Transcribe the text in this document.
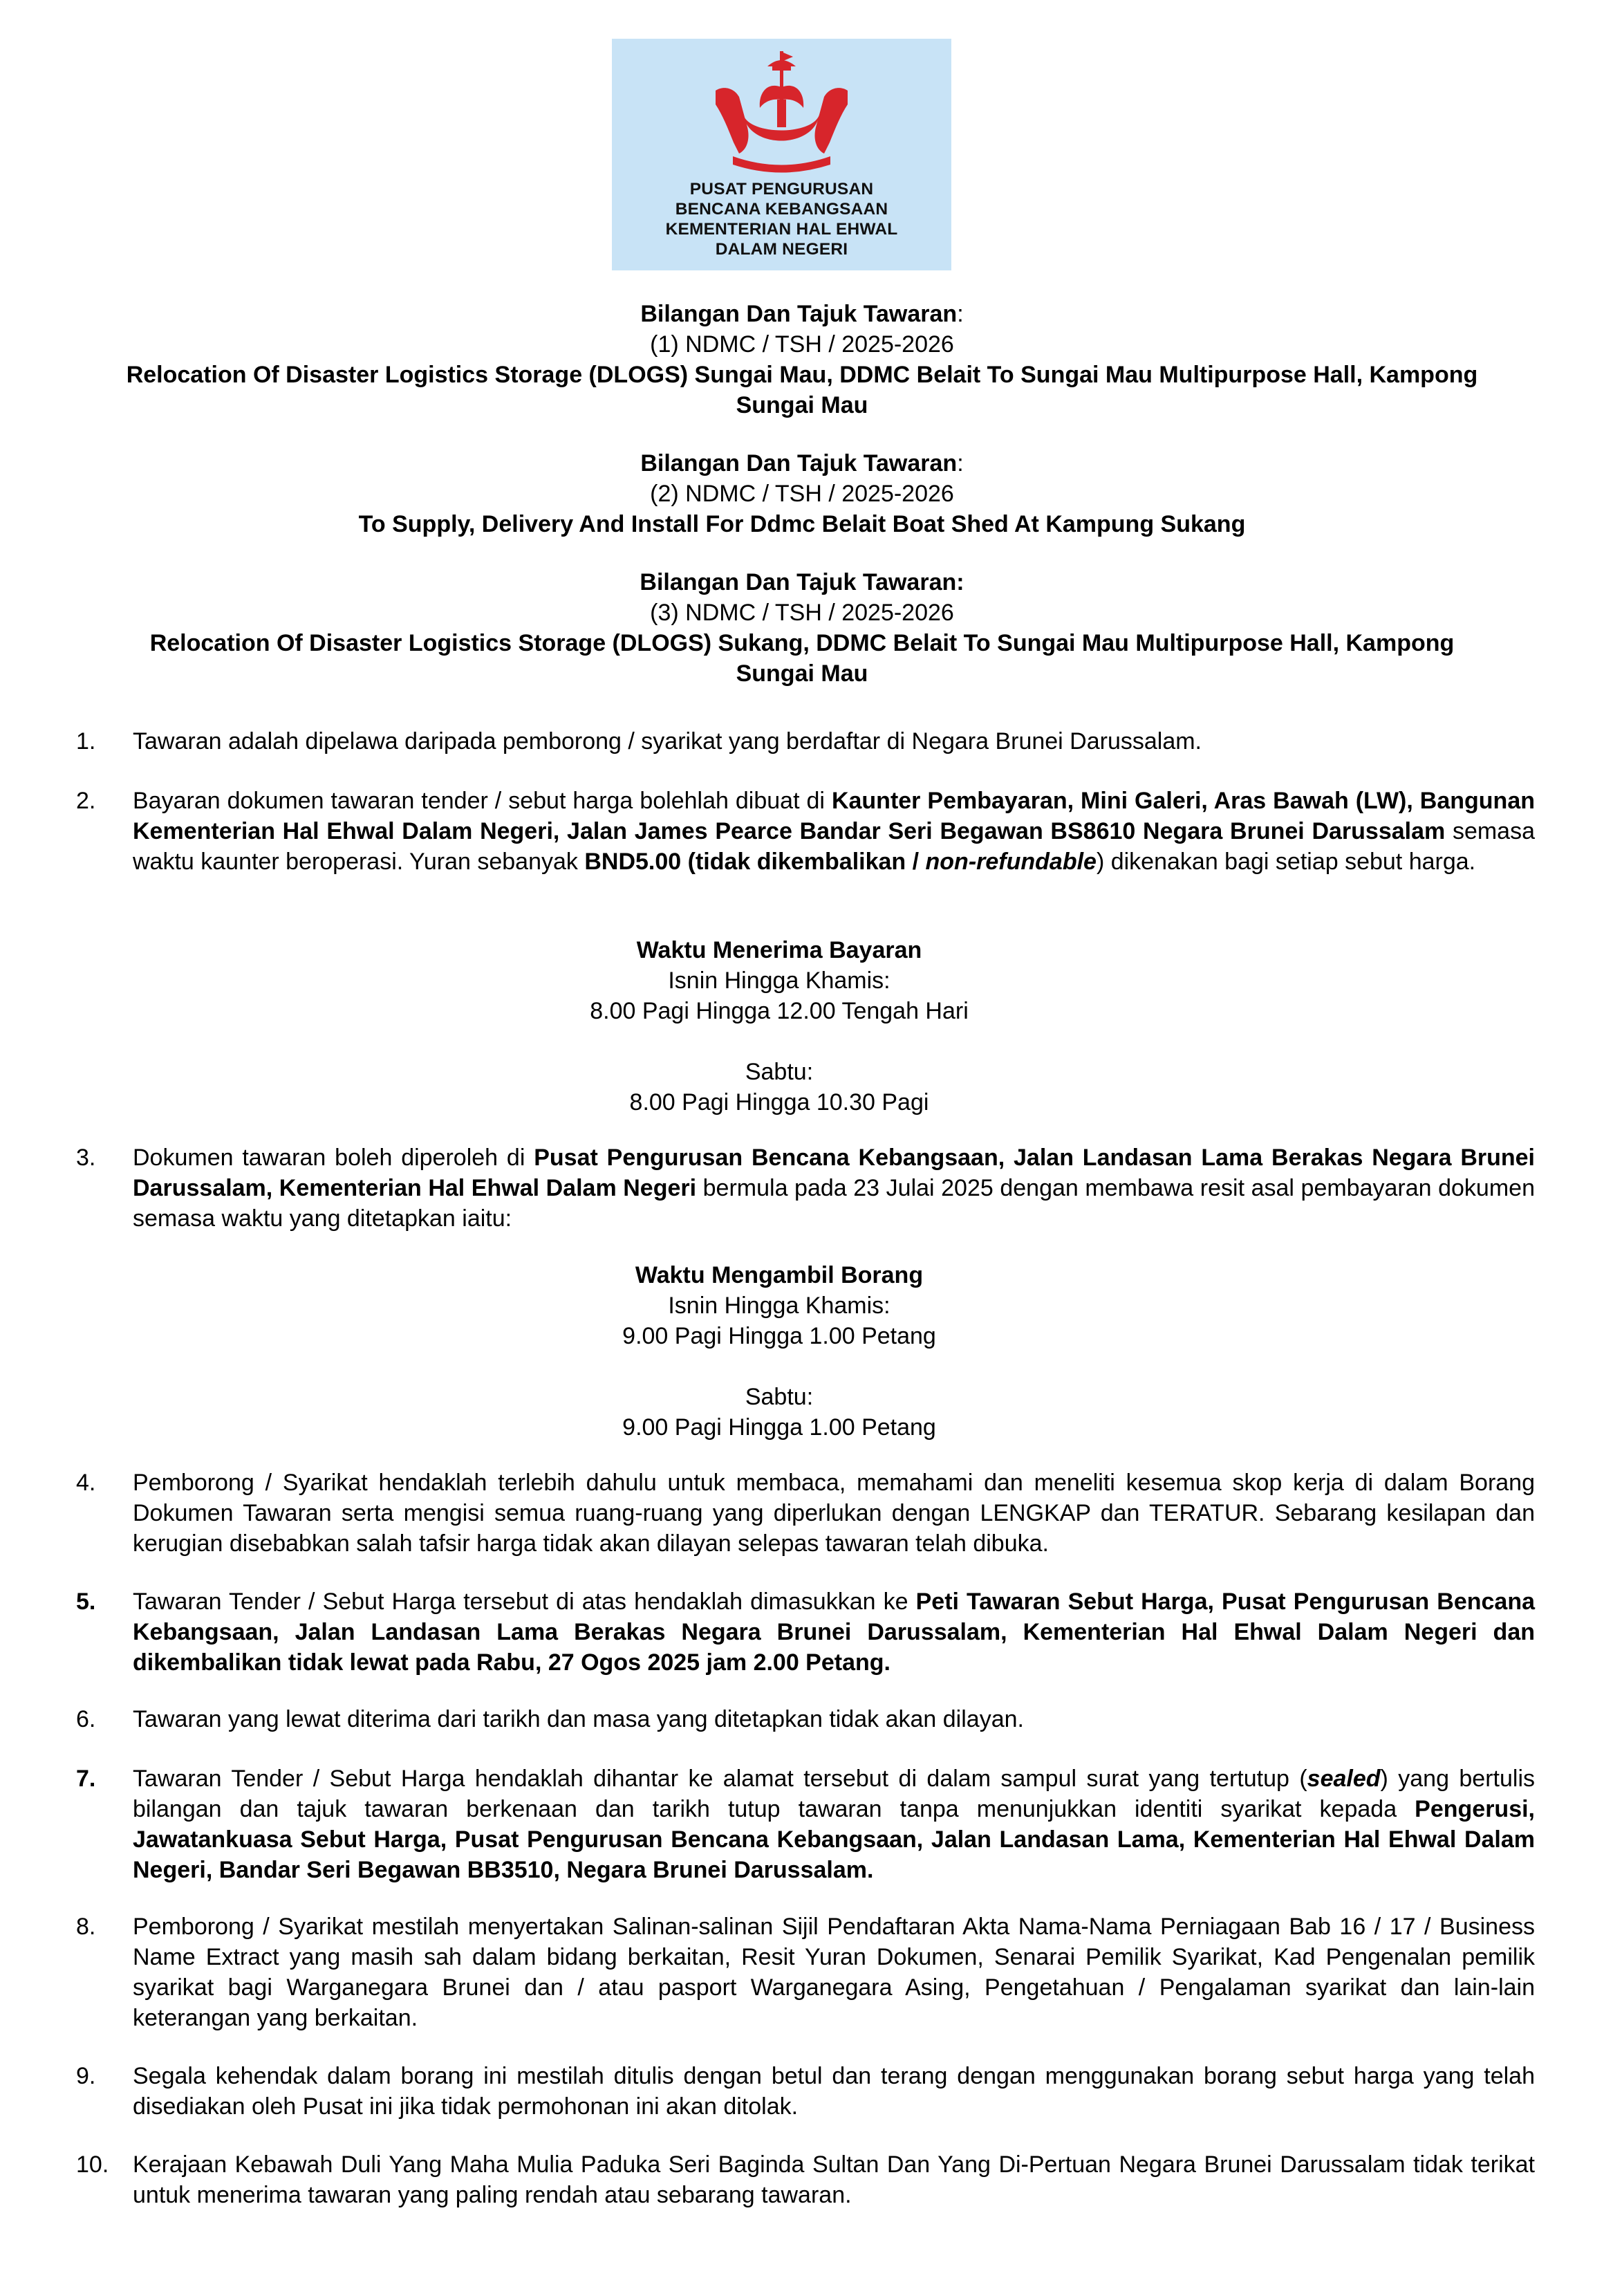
PUSAT PENGURUSAN
BENCANA KEBANGSAAN
KEMENTERIAN HAL EHWAL
DALAM NEGERI
Bilangan Dan Tajuk Tawaran:
(1) NDMC / TSH / 2025-2026
Relocation Of Disaster Logistics Storage (DLOGS) Sungai Mau, DDMC Belait To Sungai Mau Multipurpose Hall, Kampong
Sungai Mau
Bilangan Dan Tajuk Tawaran:
(2) NDMC / TSH / 2025-2026
To Supply, Delivery And Install For Ddmc Belait Boat Shed At Kampung Sukang
Bilangan Dan Tajuk Tawaran:
(3) NDMC / TSH / 2025-2026
Relocation Of Disaster Logistics Storage (DLOGS) Sukang, DDMC Belait To Sungai Mau Multipurpose Hall, Kampong
Sungai Mau
1. Tawaran adalah dipelawa daripada pemborong / syarikat yang berdaftar di Negara Brunei Darussalam.
2. Bayaran dokumen tawaran tender / sebut harga bolehlah dibuat di Kaunter Pembayaran, Mini Galeri, Aras Bawah (LW), Bangunan Kementerian Hal Ehwal Dalam Negeri, Jalan James Pearce Bandar Seri Begawan BS8610 Negara Brunei Darussalam semasa waktu kaunter beroperasi. Yuran sebanyak BND5.00 (tidak dikembalikan / non-refundable) dikenakan bagi setiap sebut harga.
Waktu Menerima Bayaran
Isnin Hingga Khamis:
8.00 Pagi Hingga 12.00 Tengah Hari
Sabtu:
8.00 Pagi Hingga 10.30 Pagi
3. Dokumen tawaran boleh diperoleh di Pusat Pengurusan Bencana Kebangsaan, Jalan Landasan Lama Berakas Negara Brunei Darussalam, Kementerian Hal Ehwal Dalam Negeri bermula pada 23 Julai 2025 dengan membawa resit asal pembayaran dokumen semasa waktu yang ditetapkan iaitu:
Waktu Mengambil Borang
Isnin Hingga Khamis:
9.00 Pagi Hingga 1.00 Petang
Sabtu:
9.00 Pagi Hingga 1.00 Petang
4. Pemborong / Syarikat hendaklah terlebih dahulu untuk membaca, memahami dan meneliti kesemua skop kerja di dalam Borang Dokumen Tawaran serta mengisi semua ruang-ruang yang diperlukan dengan LENGKAP dan TERATUR. Sebarang kesilapan dan kerugian disebabkan salah tafsir harga tidak akan dilayan selepas tawaran telah dibuka.
5. Tawaran Tender / Sebut Harga tersebut di atas hendaklah dimasukkan ke Peti Tawaran Sebut Harga, Pusat Pengurusan Bencana Kebangsaan, Jalan Landasan Lama Berakas Negara Brunei Darussalam, Kementerian Hal Ehwal Dalam Negeri dan dikembalikan tidak lewat pada Rabu, 27 Ogos 2025 jam 2.00 Petang.
6. Tawaran yang lewat diterima dari tarikh dan masa yang ditetapkan tidak akan dilayan.
7. Tawaran Tender / Sebut Harga hendaklah dihantar ke alamat tersebut di dalam sampul surat yang tertutup (sealed) yang bertulis bilangan dan tajuk tawaran berkenaan dan tarikh tutup tawaran tanpa menunjukkan identiti syarikat kepada Pengerusi, Jawatankuasa Sebut Harga, Pusat Pengurusan Bencana Kebangsaan, Jalan Landasan Lama, Kementerian Hal Ehwal Dalam Negeri, Bandar Seri Begawan BB3510, Negara Brunei Darussalam.
8. Pemborong / Syarikat mestilah menyertakan Salinan-salinan Sijil Pendaftaran Akta Nama-Nama Perniagaan Bab 16 / 17 / Business Name Extract yang masih sah dalam bidang berkaitan, Resit Yuran Dokumen, Senarai Pemilik Syarikat, Kad Pengenalan pemilik syarikat bagi Warganegara Brunei dan / atau pasport Warganegara Asing, Pengetahuan / Pengalaman syarikat dan lain-lain keterangan yang berkaitan.
9. Segala kehendak dalam borang ini mestilah ditulis dengan betul dan terang dengan menggunakan borang sebut harga yang telah disediakan oleh Pusat ini jika tidak permohonan ini akan ditolak.
10. Kerajaan Kebawah Duli Yang Maha Mulia Paduka Seri Baginda Sultan Dan Yang Di-Pertuan Negara Brunei Darussalam tidak terikat untuk menerima tawaran yang paling rendah atau sebarang tawaran.
